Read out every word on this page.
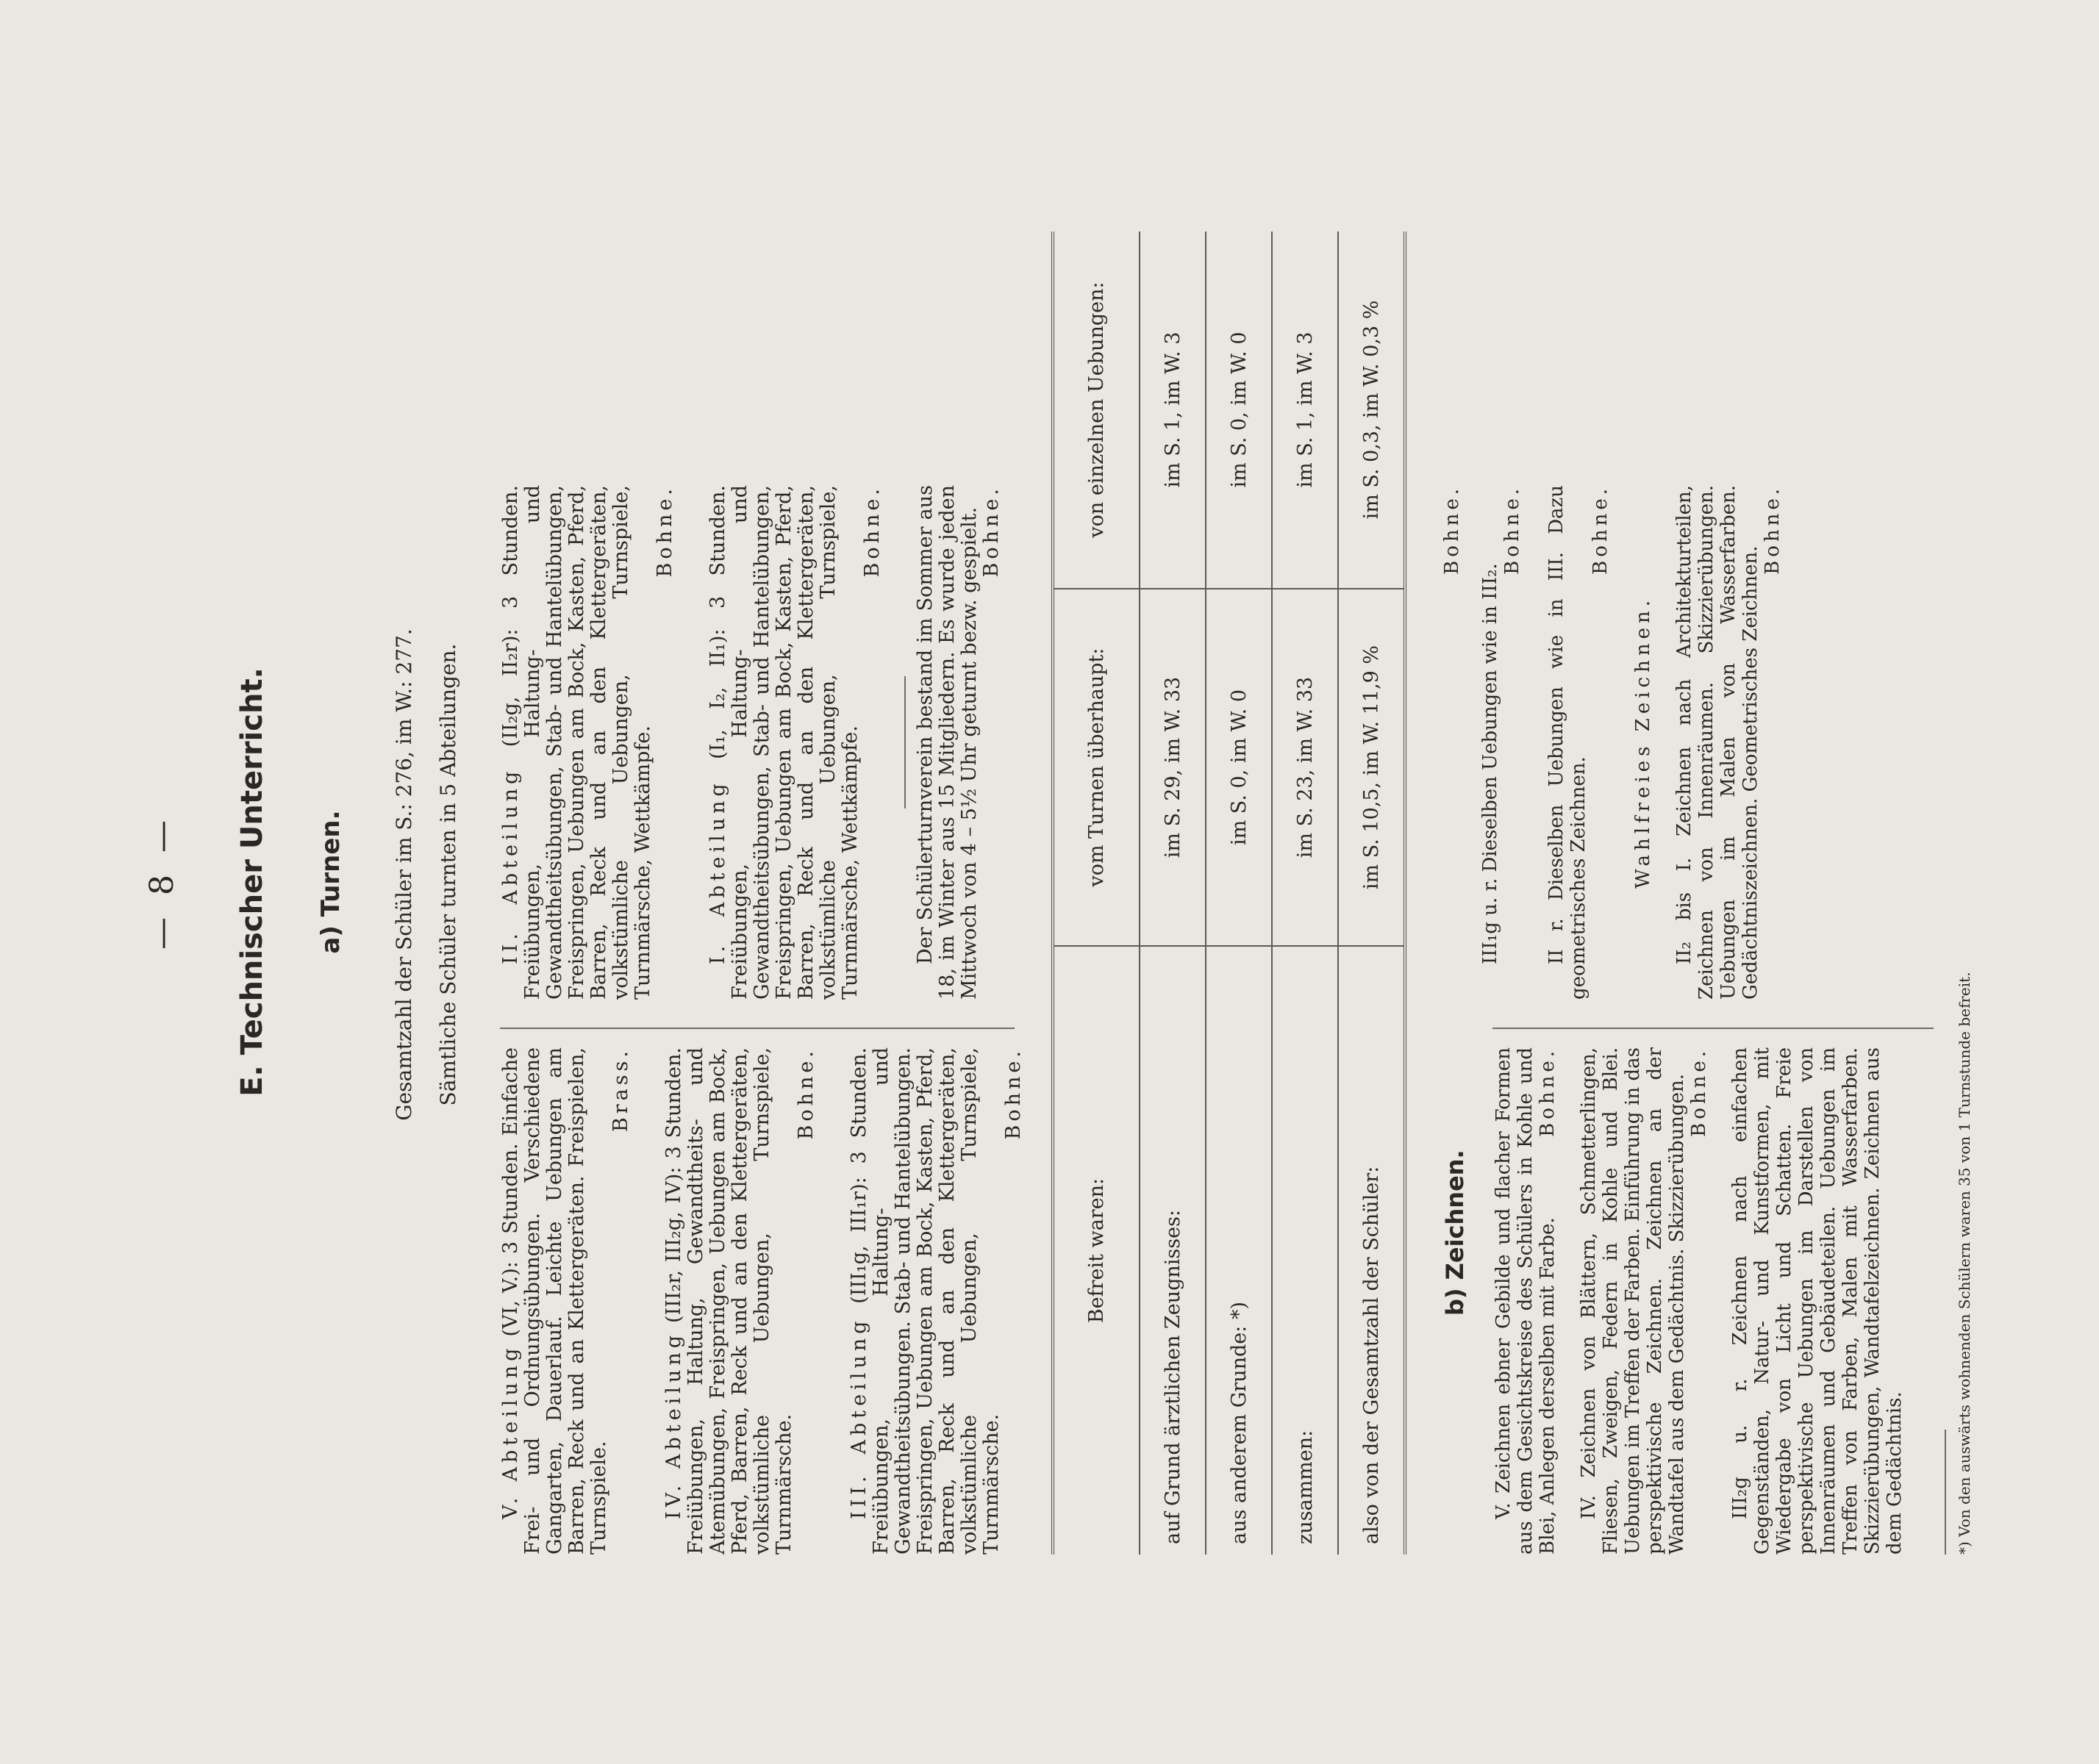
— 8 — E. Technischer Unterricht. a) Turnen.	Gesamtzahl der Schüler im S.: 276, im W.: 277. Sämtliche Schüler turnten in 5 Abteilungen.

V. Abteilung (VI, V.): 3 Stunden. Einfache Frei- und Ordnungsübungen. Verschiedene Gangarten, Dauerlauf. Leichte Uebungen am Barren, Reck und an Klettergeräten. Freispielen, Turnspiele.
Brass.

IV. Abteilung (III₂r, III₂g, IV): 3 Stunden. Freiübungen, Haltung, Gewandtheits- und Atemübungen, Freispringen, Uebungen am Bock, Pferd, Barren, Reck und an den Klettergeräten, volkstümliche Uebungen, Turnspiele, Turnmärsche.
Bohne.

III. Abteilung (III₁g, III₁r): 3 Stunden. Freiübungen, Haltung- und Gewandtheitsübungen. Stab- und Hantelübungen. Freispringen, Uebungen am Bock, Kasten, Pferd, Barren, Reck und an den Klettergeräten, volkstümliche Uebungen, Turnspiele, Turnmärsche.
Bohne.

II. Abteilung (II₂g, II₂r): 3 Stunden. Freiübungen, Haltung- und Gewandtheitsübungen, Stab- und Hantelübungen, Freispringen, Uebungen am Bock, Kasten, Pferd, Barren, Reck und an den Klettergeräten, volkstümliche Uebungen, Turnspiele, Turnmärsche, Wettkämpfe.
Bohne.

I. Abteilung (I₁, I₂, II₁): 3 Stunden. Freiübungen, Haltung- und Gewandtheitsübungen, Stab- und Hantelübungen, Freispringen, Uebungen am Bock, Kasten, Pferd, Barren, Reck und an den Klettergeräten, volkstümliche Uebungen, Turnspiele, Turnmärsche, Wettkämpfe.
Bohne. Der Schülerturnverein bestand im Sommer aus 18, im Winter aus 15 Mitgliedern. Es wurde jeden Mittwoch von 4 – 5½ Uhr geturnt bezw. gespielt. Bohne.

Befreit waren:	vom Turnen überhaupt:	von einzelnen Uebungen:
auf Grund ärztlichen Zeugnisses:	im S. 29, im W. 33	im S. 1, im W. 3
aus anderem Grunde: *)	im S. 0, im W. 0	im S. 0, im W. 0
zusammen:	im S. 23, im W. 33	im S. 1, im W. 3
also von der Gesamtzahl der Schüler:	im S. 10,5, im W. 11,9 %	im S. 0,3, im W. 0,3 %
b) Zeichnen. V. Zeichnen ebner Gebilde und flacher Formen aus dem Gesichtskreise des Schülers in Kohle und Blei, Anlegen derselben mit Farbe.
Bohne. IV. Zeichnen von Blättern, Schmetterlingen, Fliesen, Zweigen, Federn in Kohle und Blei. Uebungen im Treffen der Farben. Einführung in das perspektivische Zeichnen. Zeichnen an der Wandtafel aus dem Gedächtnis. Skizzierübungen. Bohne. III₂g u. r. Zeichnen nach einfachen Gegenständen, Natur- und Kunstformen, mit Wiedergabe von Licht und Schatten. Freie perspektivische Uebungen im Darstellen von Innenräumen und Gebäudeteilen. Uebungen im Treffen von Farben, Malen mit Wasserfarben. Skizzierübungen, Wandtafelzeichnen. Zeichnen aus dem Gedächtnis.

Bohne.

III₁g u. r. Dieselben Uebungen wie in III₂.
Bohne. II r. Dieselben Uebungen wie in III. Dazu geometrisches Zeichnen.
Bohne.

Wahlfreies Zeichnen. II₂ bis I. Zeichnen nach Architekturteilen, Zeichnen von Innenräumen. Skizzierübungen. Uebungen im Malen von Wasserfarben. Gedächtniszeichnen. Geometrisches Zeichnen.
Bohne.

*) Von den auswärts wohnenden Schülern waren 35 von 1 Turnstunde befreit.
